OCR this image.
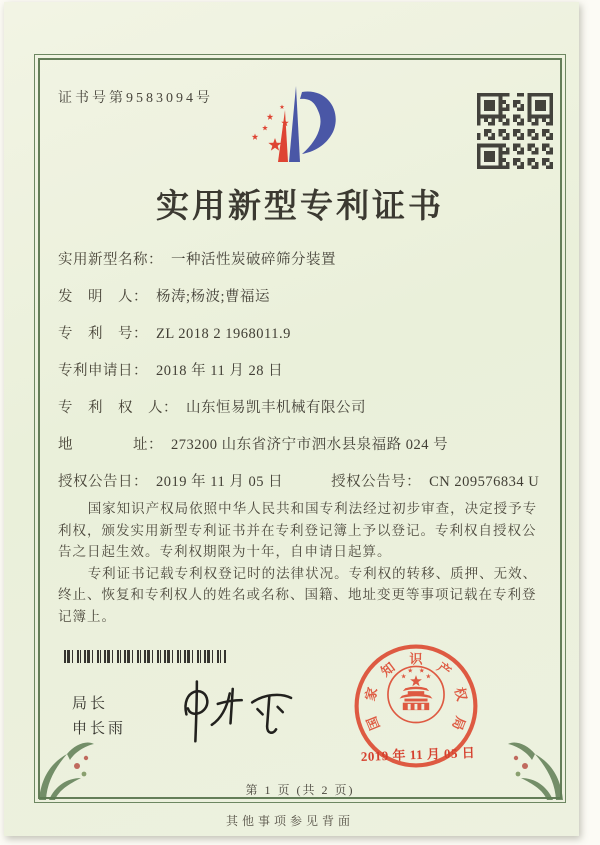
证书号第9583094号
实用新型专利证书
实用新型名称： 一种活性炭破碎筛分装置
发　明　人： 杨涛;杨波;曹福运
专　利　号： ZL 2018 2 1968011.9
专利申请日： 2018 年 11 月 28 日
专　利　权　人： 山东恒易凯丰机械有限公司
地　　　　址： 273200 山东省济宁市泗水县泉福路 024 号
授权公告日： 2019 年 11 月 05 日	授权公告号： CN 209576834 U

国家知识产权局依照中华人民共和国专利法经过初步审查，决定授予专利权，颁发实用新型专利证书并在专利登记簿上予以登记。专利权自授权公告之日起生效。专利权期限为十年，自申请日起算。

专利证书记载专利权登记时的法律状况。专利权的转移、质押、无效、终止、恢复和专利权人的姓名或名称、国籍、地址变更等事项记载在专利登记簿上。

局长
申长雨	国
家
知
识
产
权
局
2019 年 11 月 05 日
第 1 页 (共 2 页)
其他事项参见背面
